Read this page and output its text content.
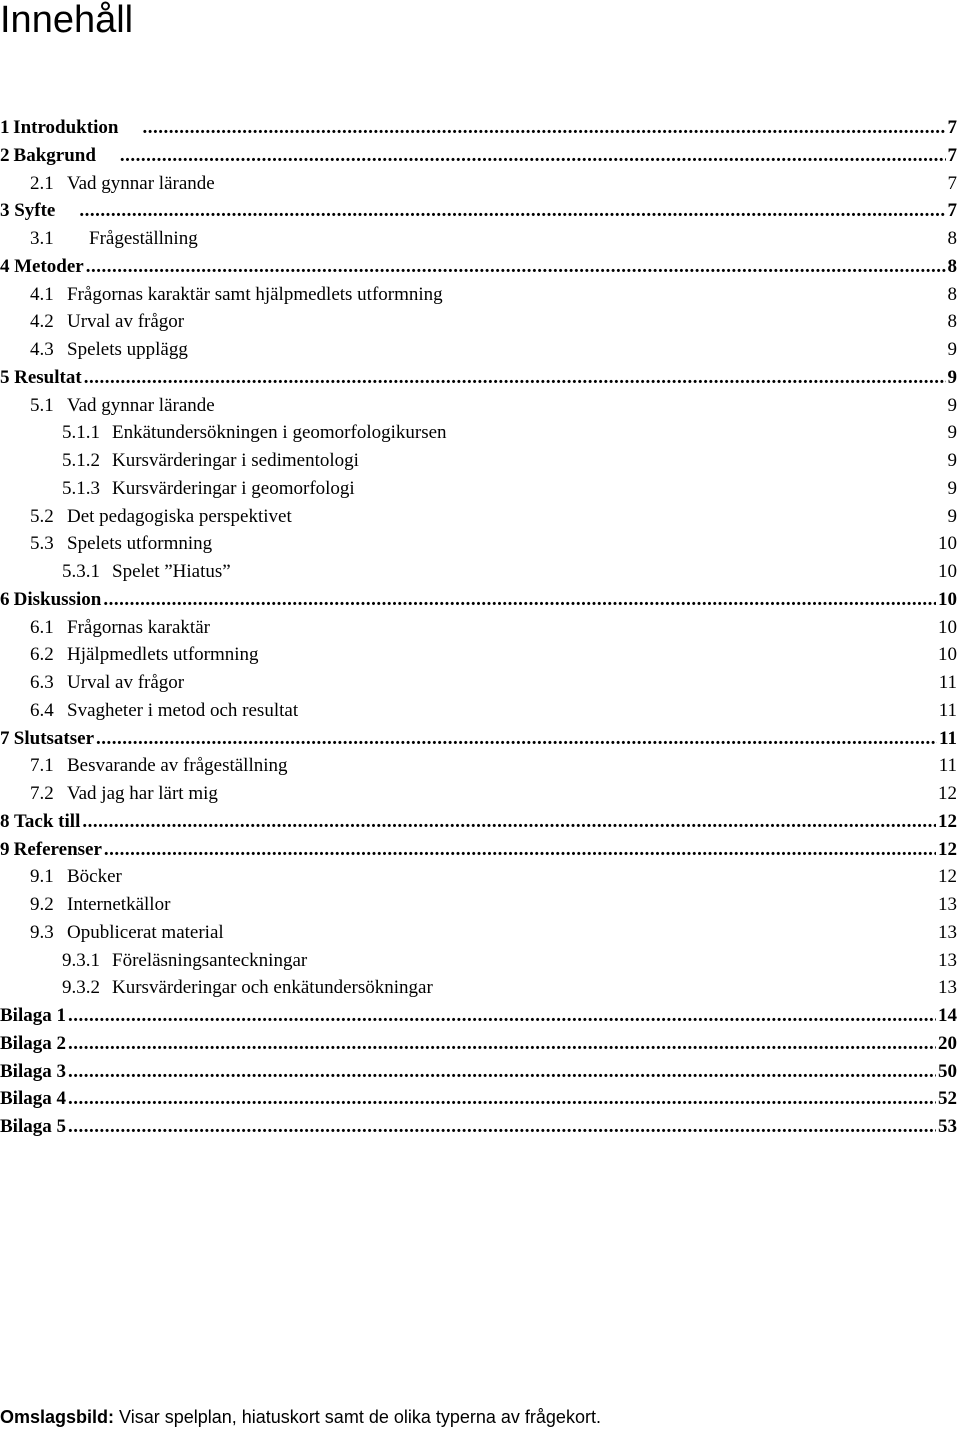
Innehåll
1 Introduktion .....	7
2 Bakgrund .....	7
2.1 Vad gynnar lärande	7
3 Syfte .....	7
3.1	Frågeställning	8
4 Metoder .....	8
4.1 Frågornas karaktär samt hjälpmedlets utformning	8
4.2 Urval av frågor	8
4.3 Spelets upplägg	9
5 Resultat .....	9
5.1 Vad gynnar lärande	9
5.1.1 Enkätundersökningen i geomorfologikursen	9
5.1.2 Kursvärderingar i sedimentologi	9
5.1.3 Kursvärderingar i geomorfologi	9
5.2 Det pedagogiska perspektivet	9
5.3 Spelets utformning	10
5.3.1 Spelet ”Hiatus”	10
6 Diskussion .....	10
6.1 Frågornas karaktär	10
6.2 Hjälpmedlets utformning	10
6.3 Urval av frågor	11
6.4 Svagheter i metod och resultat	11
7 Slutsatser .....	11
7.1 Besvarande av frågeställning	11
7.2 Vad jag har lärt mig	12
8 Tack till .....	12
9 Referenser .....	12
9.1 Böcker	12
9.2 Internetkällor	13
9.3 Opublicerat material	13
9.3.1 Föreläsningsanteckningar	13
9.3.2 Kursvärderingar och enkätundersökningar	13
Bilaga 1 .....	14
Bilaga 2 .....	20
Bilaga 3 .....	50
Bilaga 4 .....	52
Bilaga 5 .....	53
Omslagsbild: Visar spelplan, hiatuskort samt de olika typerna av frågekort.
